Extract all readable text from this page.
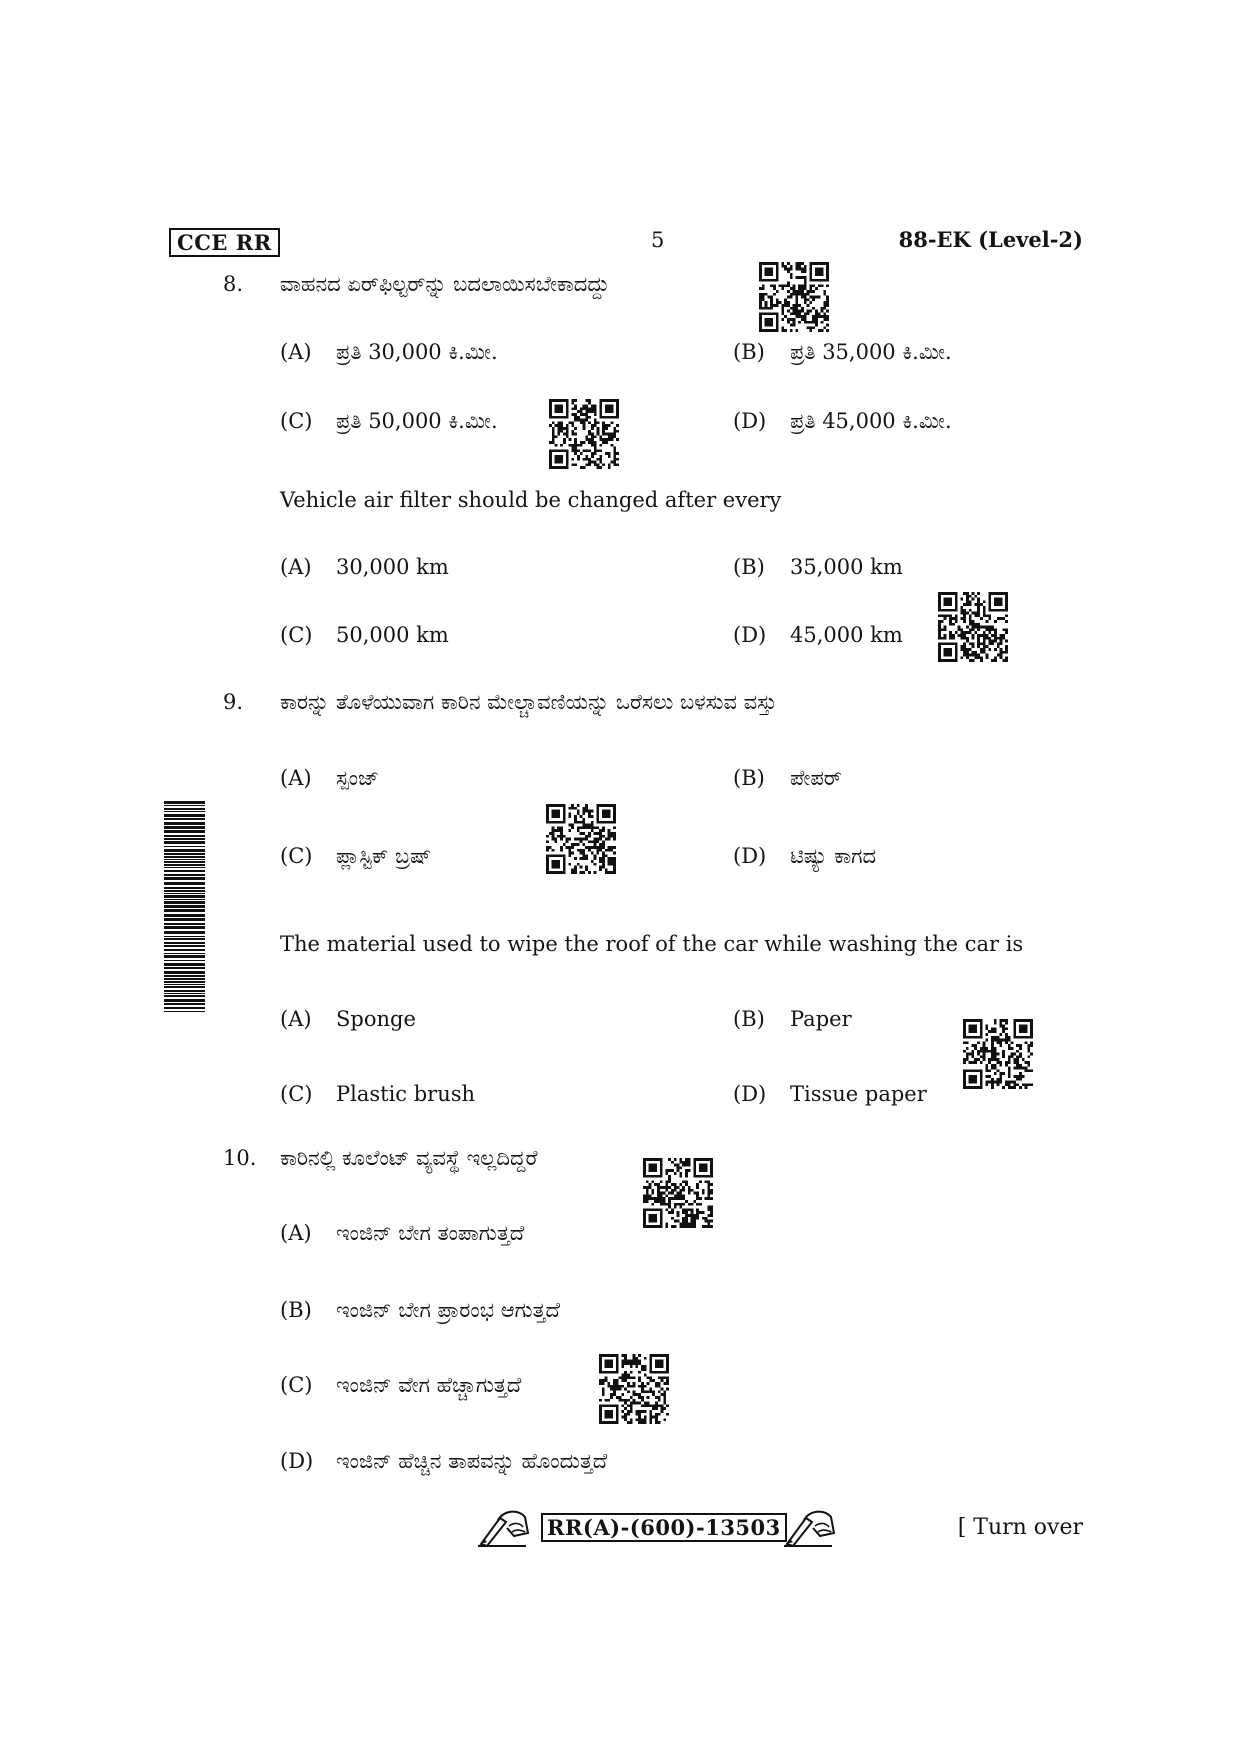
CCE RR	5	88-EK (Level-2)
8. ವಾಹನದ ಏರ್‌ಫಿಲ್ಟರ್‌ನ್ನು ಬದಲಾಯಿಸಬೇಕಾದದ್ದು
(A) ಪ್ರತಿ 30,000 ಕಿ.ಮೀ.	(B) ಪ್ರತಿ 35,000 ಕಿ.ಮೀ.
(C) ಪ್ರತಿ 50,000 ಕಿ.ಮೀ.	(D) ಪ್ರತಿ 45,000 ಕಿ.ಮೀ.
Vehicle air filter should be changed after every
(A) 30,000 km	(B) 35,000 km
(C) 50,000 km	(D) 45,000 km
9. ಕಾರನ್ನು ತೊಳೆಯುವಾಗ ಕಾರಿನ ಮೇಲ್ಚಾವಣಿಯನ್ನು ಒರೆಸಲು ಬಳಸುವ ವಸ್ತು
(A) ಸ್ಪಂಜ್	(B) ಪೇಪರ್
(C) ಪ್ಲಾಸ್ಟಿಕ್ ಬ್ರಷ್	(D) ಟಿಷ್ಯು ಕಾಗದ
The material used to wipe the roof of the car while washing the car is
(A) Sponge	(B) Paper
(C) Plastic brush	(D) Tissue paper
10. ಕಾರಿನಲ್ಲಿ ಕೂಲೆಂಟ್ ವ್ಯವಸ್ಥೆ ಇಲ್ಲದಿದ್ದರೆ
(A) ಇಂಜಿನ್ ಬೇಗ ತಂಪಾಗುತ್ತದೆ
(B) ಇಂಜಿನ್ ಬೇಗ ಪ್ರಾರಂಭ ಆಗುತ್ತದೆ
(C) ಇಂಜಿನ್ ವೇಗ ಹೆಚ್ಚಾಗುತ್ತದೆ
(D) ಇಂಜಿನ್ ಹೆಚ್ಚಿನ ತಾಪವನ್ನು ಹೊಂದುತ್ತದೆ
RR(A)-(600)-13503	[ Turn over
